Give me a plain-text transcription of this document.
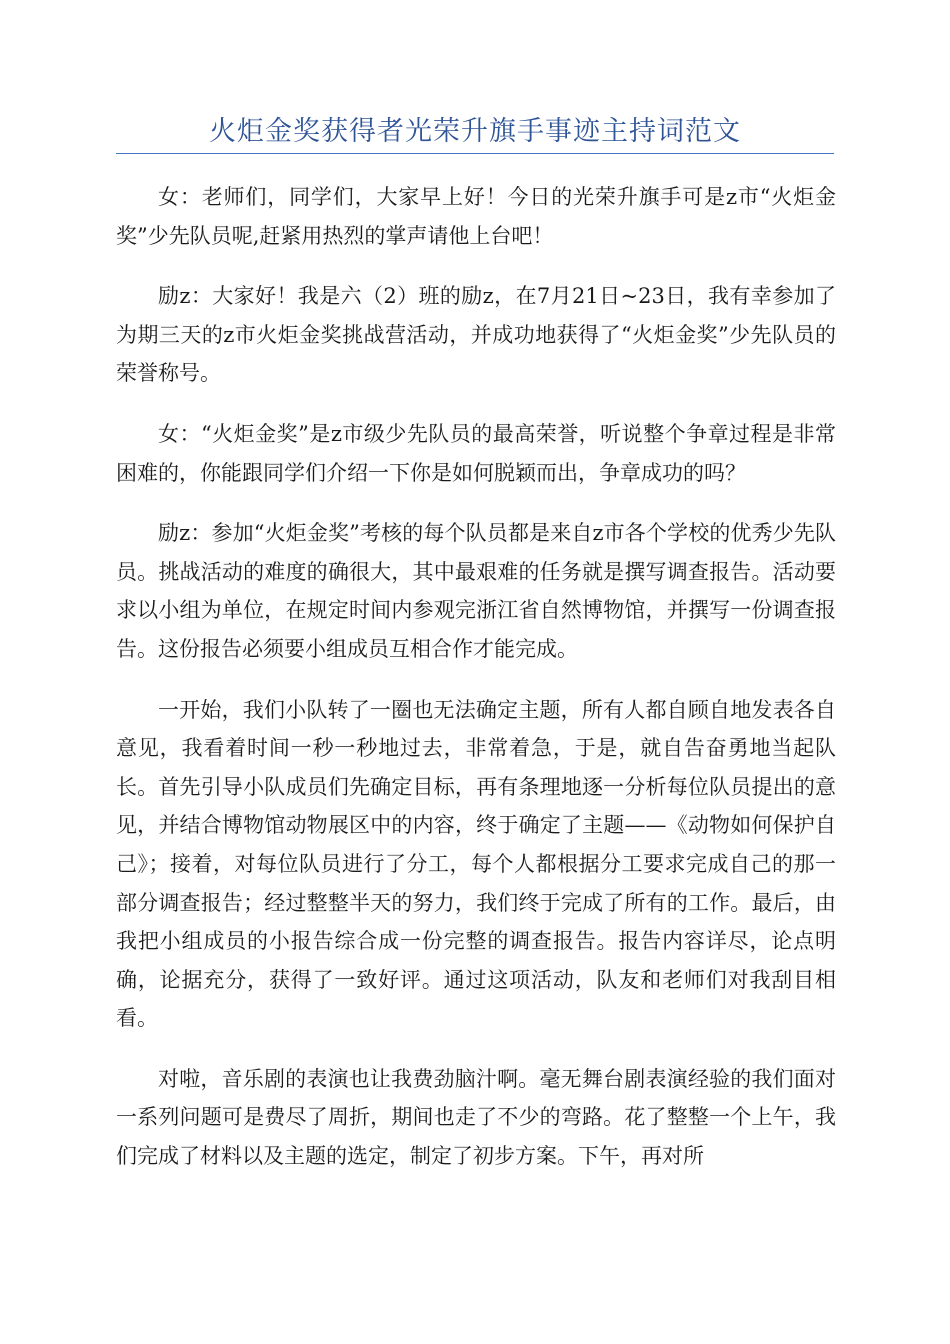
火炬金奖获得者光荣升旗手事迹主持词范文

女：老师们，同学们，大家早上好！今日的光荣升旗手可是z市“火炬金奖”少先队员呢,赶紧用热烈的掌声请他上台吧！

励z：大家好！我是六（2）班的励z，在7月21日~23日，我有幸参加了为期三天的z市火炬金奖挑战营活动，并成功地获得了“火炬金奖”少先队员的荣誉称号。

女：“火炬金奖”是z市级少先队员的最高荣誉，听说整个争章过程是非常困难的，你能跟同学们介绍一下你是如何脱颖而出，争章成功的吗？

励z：参加“火炬金奖”考核的每个队员都是来自z市各个学校的优秀少先队员。挑战活动的难度的确很大，其中最艰难的任务就是撰写调查报告。活动要求以小组为单位，在规定时间内参观完浙江省自然博物馆，并撰写一份调查报告。这份报告必须要小组成员互相合作才能完成。

一开始，我们小队转了一圈也无法确定主题，所有人都自顾自地发表各自意见，我看着时间一秒一秒地过去，非常着急，于是，就自告奋勇地当起队长。首先引导小队成员们先确定目标，再有条理地逐一分析每位队员提出的意见，并结合博物馆动物展区中的内容，终于确定了主题——《动物如何保护自己》；接着，对每位队员进行了分工，每个人都根据分工要求完成自己的那一部分调查报告；经过整整半天的努力，我们终于完成了所有的工作。最后，由我把小组成员的小报告综合成一份完整的调查报告。报告内容详尽，论点明确，论据充分，获得了一致好评。通过这项活动，队友和老师们对我刮目相看。

对啦，音乐剧的表演也让我费劲脑汁啊。毫无舞台剧表演经验的我们面对一系列问题可是费尽了周折，期间也走了不少的弯路。花了整整一个上午，我们完成了材料以及主题的选定，制定了初步方案。下午，再对所
